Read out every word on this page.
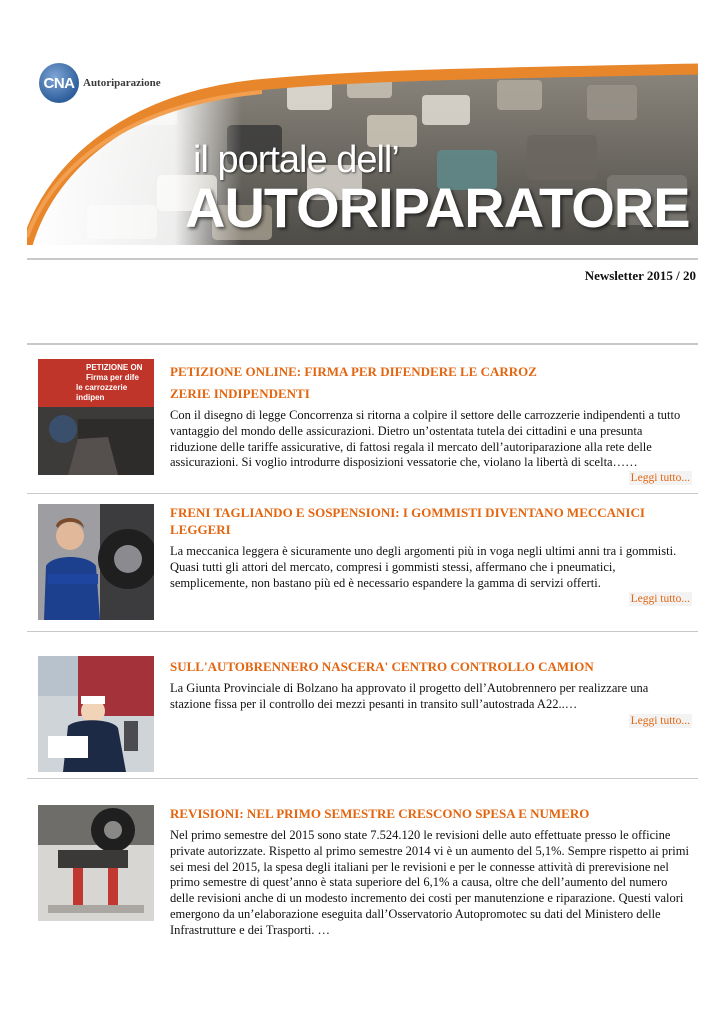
CNA Autoriparazione
il portale dell’
AUTORIPARATORE
Newsletter 2015 / 20
PETIZIONE ON
Firma per dife
le carrozzerie indipen

PETIZIONE ONLINE: FIRMA PER DIFENDERE LE CARROZ

ZERIE INDIPENDENTI

Con il disegno di legge Concorrenza si ritorna a colpire il settore delle carrozzerie indipendenti a tutto vantaggio del mondo delle assicurazioni. Dietro un’ostentata tutela dei cittadini e una presunta riduzione delle tariffe assicurative, di fattosi regala il mercato dell’autoriparazione alla rete delle assicurazioni. Si voglio introdurre disposizioni vessatorie che, violano la libertà di scelta……

Leggi tutto...

FRENI TAGLIANDO E SOSPENSIONI: I GOMMISTI DIVENTANO MECCANICI LEGGERI

La meccanica leggera è sicuramente uno degli argomenti più in voga negli ultimi anni tra i gommisti. Quasi tutti gli attori del mercato, compresi i gommisti stessi, affermano che i pneumatici, semplicemente, non bastano più ed è necessario espandere la gamma di servizi offerti.

Leggi tutto...

SULL'AUTOBRENNERO NASCERA' CENTRO CONTROLLO CAMION

La Giunta Provinciale di Bolzano ha approvato il progetto dell’Autobrennero per realizzare una stazione fissa per il controllo dei mezzi pesanti in transito sull’autostrada A22..…

Leggi tutto...

REVISIONI: NEL PRIMO SEMESTRE CRESCONO SPESA E NUMERO

Nel primo semestre del 2015 sono state 7.524.120 le revisioni delle auto effettuate presso le officine private autorizzate. Rispetto al primo semestre 2014 vi è un aumento del 5,1%. Sempre rispetto ai primi sei mesi del 2015, la spesa degli italiani per le revisioni e per le connesse attività di prerevisione nel primo semestre di quest’anno è stata superiore del 6,1% a causa, oltre che dell’aumento del numero delle revisioni anche di un modesto incremento dei costi per manutenzione e riparazione. Questi valori emergono da un’elaborazione eseguita dall’Osservatorio Autopromotec su dati del Ministero delle Infrastrutture e dei Trasporti. …
